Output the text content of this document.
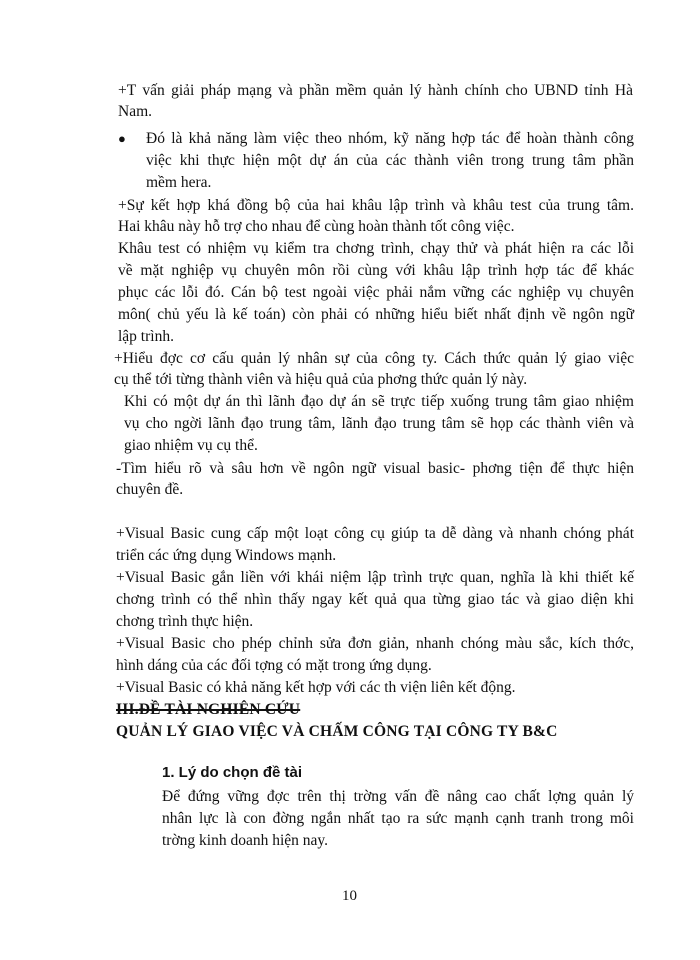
+T vấn giải pháp mạng và phần mềm quản lý hành chính cho UBND tỉnh Hà
Nam.
● Đó là khả năng làm việc theo nhóm, kỹ năng hợp tác để hoàn thành công
việc khi thực hiện một dự án của các thành viên trong trung tâm phần
mềm hera.
+Sự kết hợp khá đồng bộ của hai khâu lập trình và khâu test của trung tâm.
Hai khâu này hỗ trợ cho nhau để cùng hoàn thành tốt công việc.
Khâu test có nhiệm vụ kiểm tra chơng trình, chạy thử và phát hiện ra các lỗi
về mặt nghiệp vụ chuyên môn rồi cùng với khâu lập trình hợp tác để khác
phục các lỗi đó. Cán bộ test ngoài việc phải nắm vững các nghiệp vụ chuyên
môn( chủ yếu là kế toán) còn phải có những hiểu biết nhất định về ngôn ngữ
lập trình.
+Hiểu đợc cơ cấu quản lý nhân sự của công ty. Cách thức quản lý giao việc
cụ thể tới từng thành viên và hiệu quả của phơng thức quản lý này.
Khi có một dự án thì lãnh đạo dự án sẽ trực tiếp xuống trung tâm giao nhiệm
vụ cho ngời lãnh đạo trung tâm, lãnh đạo trung tâm sẽ họp các thành viên và
giao nhiệm vụ cụ thể.
-Tìm hiểu rõ và sâu hơn về ngôn ngữ visual basic- phơng tiện để thực hiện
chuyên đề.
+Visual Basic cung cấp một loạt công cụ giúp ta dễ dàng và nhanh chóng phát
triển các ứng dụng Windows mạnh.
+Visual Basic gắn liền với khái niệm lập trình trực quan, nghĩa là khi thiết kế
chơng trình có thể nhìn thấy ngay kết quả qua từng giao tác và giao diện khi
chơng trình thực hiện.
+Visual Basic cho phép chỉnh sửa đơn giản, nhanh chóng màu sắc, kích thớc,
hình dáng của các đối tợng có mặt trong ứng dụng.
+Visual Basic có khả năng kết hợp với các th viện liên kết động.
III.ĐỀ TÀI NGHIÊN CỨU
QUẢN LÝ GIAO VIỆC VÀ CHẤM CÔNG TẠI CÔNG TY B&C
1. Lý do chọn đề tài
Để đứng vững đợc trên thị trờng vấn đề nâng cao chất lợng quản lý
nhân lực là con đờng ngắn nhất tạo ra sức mạnh cạnh tranh trong môi
trờng kinh doanh hiện nay.
10
